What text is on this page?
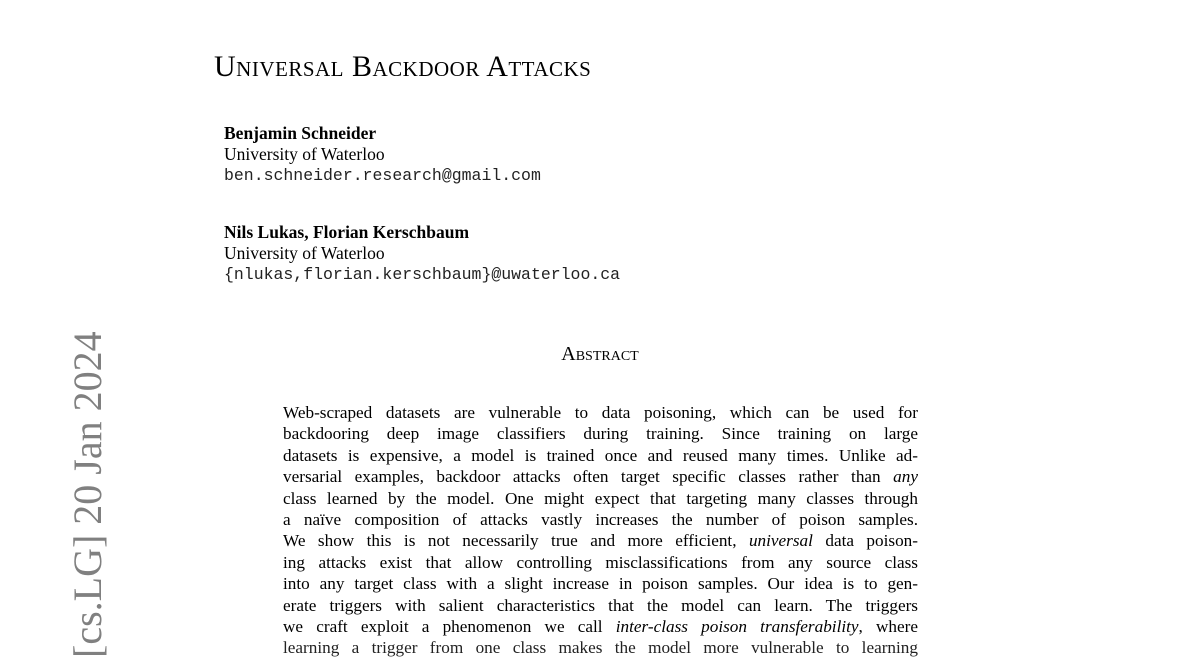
[cs.LG] 20 Jan 2024
Universal Backdoor Attacks
Benjamin Schneider
University of Waterloo
ben.schneider.research@gmail.com
Nils Lukas, Florian Kerschbaum
University of Waterloo
{nlukas,florian.kerschbaum}@uwaterloo.ca
Abstract
Web-scraped datasets are vulnerable to data poisoning, which can be used for
backdooring deep image classifiers during training. Since training on large
datasets is expensive, a model is trained once and reused many times. Unlike ad-
versarial examples, backdoor attacks often target specific classes rather than any
class learned by the model. One might expect that targeting many classes through
a naïve composition of attacks vastly increases the number of poison samples.
We show this is not necessarily true and more efficient, universal data poison-
ing attacks exist that allow controlling misclassifications from any source class
into any target class with a slight increase in poison samples. Our idea is to gen-
erate triggers with salient characteristics that the model can learn. The triggers
we craft exploit a phenomenon we call inter-class poison transferability, where
learning a trigger from one class makes the model more vulnerable to learning
